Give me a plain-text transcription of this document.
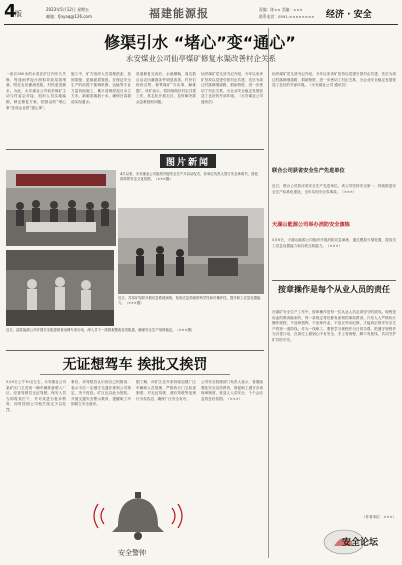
4
版
2023年5月12日 星期五
邮箱：fjnyaq@126.com	福建能源报	责编：陈×× 美编：×××
联系电话：0591-×××××××× 经济 · 安全
修渠引水 “堵心”变“通心”
永安煤业公司仙亭煤矿修复水渠改善村企关系
一条长560米的水渠在矿区内年久失修，每逢雨季泥沙淤积导致渠道堵塞，附近农田灌溉受阻，村民意见颇多。为此，永安煤业公司仙亭煤矿主动与村委会对接，组织人员实地踏勘，制定修复方案，把群众的“堵心事”变成企业的“通心事”。
施工中，矿方组织人员清理淤泥、加固渠壁、更换破损管段，在保证安全生产的前提下抽调机修、运输等专业力量协助施工，累计清理淤泥百余立方米，新砌渠墙数十米，确保在春耕前实现通水。
渠道修复完成后，水流顺畅，周边数百亩农田灌溉条件明显改善。村民们纷纷点赞，称赞煤矿“办实事、解难题”。该矿表示，将持续做好村企共建工作，常态化开展走访，及时解决群众急难愁盼问题。
仙亭煤矿党支部书记介绍，今年以来该矿坚持以党建引领村企共建，先后为周边村落修缮道路、捐助物资，进一步密切了村企关系，为企业安全稳定发展营造了良好的外部环境。（永安煤业公司 通讯员）
图片新闻
4月以来，永安煤业公司组织开展安全生产月启动仪式，各单位负责人签订安全承诺书，营造浓厚的安全文化氛围。（×××摄）
近日，苏邦矿组织开展应急救援演练，检验应急预案的科学性和可操作性，提升职工应急处置能力。（×××摄）
近日，邵武能源公司开展安全隐患排查治理专项行动，深入井下一线排查整改各类隐患，确保安全生产形势稳定。（×××摄）
无证想驾车 挨批又挨罚
5月9日上午10点左右，永安煤业公司某矿区门卫发现一辆车辆准备驶入厂区，经查驾驶员无证驾驶，保安人员当即将其拦下，并对其进行批评教育，同时按照公司相关规定予以处罚。
事后，该驾驶员认识到自己的错误，表示今后一定遵守交通法规和公司规定，决不再犯。矿区也以此为契机，开展交通安全警示教育，提醒职工牢固树立安全意识。
据了解，该矿区近年来持续加强厂区车辆和人员管理，严格执行门卫检查制度，对无证驾驶、酒后驾驶等违规行为零容忍，确保厂区安全有序。
公司安全管理部门负责人表示，将继续强化安全宣传教育，督促职工遵守各项规章制度，营造人人讲安全、个个会应急的良好氛围。（×××）
安全警钟
仙亭煤矿党支部书记介绍，今年以来该矿坚持以党建引领村企共建，先后为周边村落修缮道路、捐助物资，进一步密切了村企关系，为企业安全稳定发展营造了良好的外部环境。（永安煤业公司 通讯员）
联合公司获省安全生产先进单位
近日，联合公司获评省安全生产先进单位。该公司坚持安全第一，持续推进安全生产标准化建设，全年实现安全零事故。（×××）
天湖山能源公司举办消防安全演练
5月8日，天湖山能源公司组织开展消防应急演练，通过模拟火情处置，提高员工应急处置能力和自救互救能力。（×××）
按章操作是每个从业人员的责任
在煤矿安全生产工作中，按章操作是每一位从业人员必须坚守的底线。规程是用血的教训换来的，每一条规定背后都有深刻的事故教训。只有人人严格执行操作规程，不违章指挥、不违章作业、不违反劳动纪律，才能真正筑牢安全生产的第一道防线。作为一线职工，要把学习规程作为日常功课，把遵守规程作为自觉行动，在岗位上做到心中有安全、手上有规程、脚下有底线，共同守护矿井的平安。
（作者单位：×××）
安全论坛
